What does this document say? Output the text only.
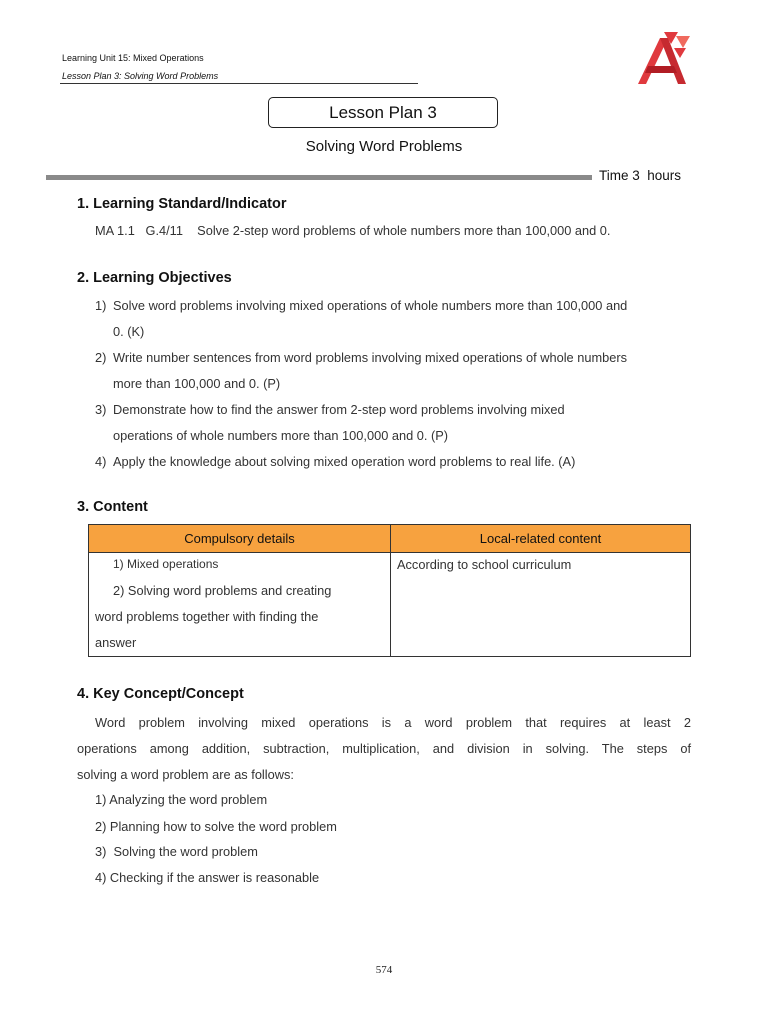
Learning Unit 15: Mixed Operations
Lesson Plan 3: Solving Word Problems
Lesson Plan 3
Solving Word Problems
Time 3  hours
1. Learning Standard/Indicator
MA 1.1   G.4/11    Solve 2-step word problems of whole numbers more than 100,000 and 0.
2. Learning Objectives
1) Solve word problems involving mixed operations of whole numbers more than 100,000 and
0. (K)
2) Write number sentences from word problems involving mixed operations of whole numbers
more than 100,000 and 0. (P)
3) Demonstrate how to find the answer from 2-step word problems involving mixed
operations of whole numbers more than 100,000 and 0. (P)
4) Apply the knowledge about solving mixed operation word problems to real life. (A)
3. Content
Compulsory details	Local-related content

1) Mixed operations
2) Solving word problems and creating
word problems together with finding the
answer	According to school curriculum
4. Key Concept/Concept
Word problem involving mixed operations is a word problem that requires at least 2
operations among addition, subtraction, multiplication, and division in solving. The steps of
solving a word problem are as follows:
1) Analyzing the word problem
2) Planning how to solve the word problem
3)  Solving the word problem
4) Checking if the answer is reasonable
574
